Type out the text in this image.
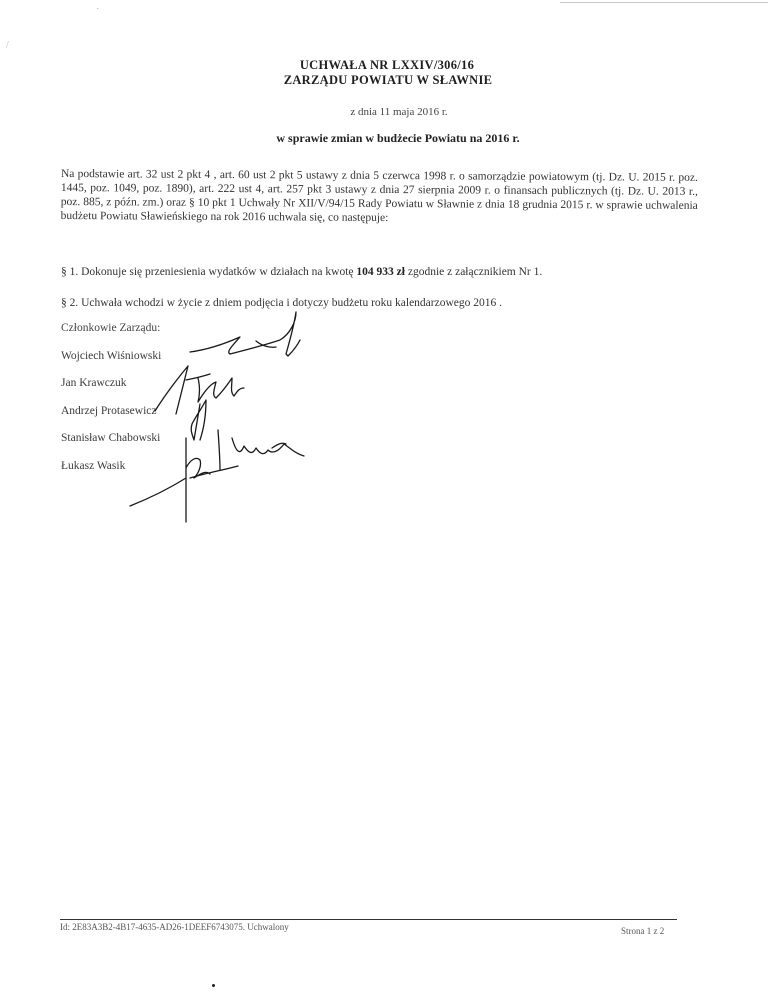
/
·
UCHWAŁA NR LXXIV/306/16
ZARZĄDU POWIATU W SŁAWNIE
z dnia 11 maja 2016 r.
w sprawie zmian w budżecie Powiatu na 2016 r.
Na podstawie art. 32 ust 2 pkt 4 , art. 60 ust 2 pkt 5 ustawy z dnia 5 czerwca 1998 r. o samorządzie powiatowym (tj. Dz. U. 2015 r. poz. 1445, poz. 1049, poz. 1890), art. 222 ust 4, art. 257 pkt 3 ustawy z dnia 27 sierpnia 2009 r. o finansach publicznych (tj. Dz. U. 2013 r., poz. 885, z późn. zm.) oraz § 10 pkt 1 Uchwały Nr XII/V/94/15 Rady Powiatu w Sławnie z dnia 18 grudnia 2015 r. w sprawie uchwalenia budżetu Powiatu Sławieńskiego na rok 2016 uchwala się, co następuje:
§ 1. Dokonuje się przeniesienia wydatków w działach na kwotę 104 933 zł zgodnie z załącznikiem Nr 1.
§ 2. Uchwała wchodzi w życie z dniem podjęcia i dotyczy budżetu roku kalendarzowego 2016 .
Członkowie Zarządu:
Wojciech Wiśniowski
Jan Krawczuk
Andrzej Protasewicz
Stanisław Chabowski
Łukasz Wasik
Id: 2E83A3B2-4B17-4635-AD26-1DEEF6743075. Uchwalony	Strona 1 z 2
